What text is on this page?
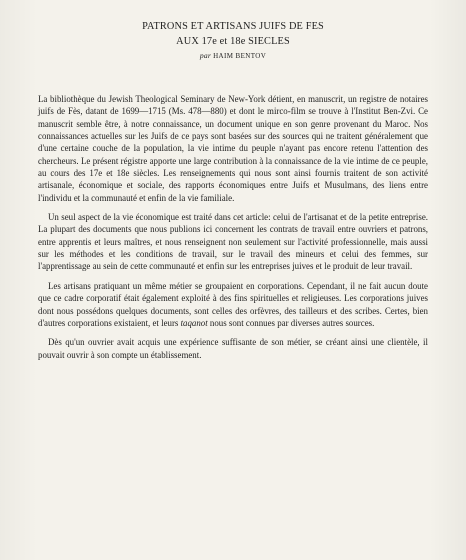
PATRONS ET ARTISANS JUIFS DE FES
AUX 17e et 18e SIECLES
par HAIM BENTOV

La bibliothèque du Jewish Theological Seminary de New-York détient, en manuscrit, un registre de notaires juifs de Fès, datant de 1699—1715 (Ms. 478—880) et dont le mirco-film se trouve à l'Institut Ben-Zvi. Ce manuscrit semble être, à notre connaissance, un document unique en son genre provenant du Maroc. Nos connaissances actuelles sur les Juifs de ce pays sont basées sur des sources qui ne traitent généralement que d'une certaine couche de la population, la vie intime du peuple n'ayant pas encore retenu l'attention des chercheurs. Le présent régistre apporte une large contribution à la connaissance de la vie intime de ce peuple, au cours des 17e et 18e siècles. Les renseignements qui nous sont ainsi fournis traitent de son activité artisanale, économique et sociale, des rapports économiques entre Juifs et Musulmans, des liens entre l'individu et la communauté et enfin de la vie familiale.

Un seul aspect de la vie économique est traité dans cet article: celui de l'artisanat et de la petite entreprise. La plupart des documents que nous publions ici concernent les contrats de travail entre ouvriers et patrons, entre apprentis et leurs maîtres, et nous renseignent non seulement sur l'activité professionnelle, mais aussi sur les méthodes et les conditions de travail, sur le travail des mineurs et celui des femmes, sur l'apprentissage au sein de cette communauté et enfin sur les entreprises juives et le produit de leur travail.

Les artisans pratiquant un même métier se groupaient en corporations. Cependant, il ne fait aucun doute que ce cadre corporatif était également exploité à des fins spirituelles et religieuses. Les corporations juives dont nous possédons quelques documents, sont celles des orfèvres, des tailleurs et des scribes. Certes, bien d'autres corporations existaient, et leurs taqanot nous sont connues par diverses autres sources.

Dès qu'un ouvrier avait acquis une expérience suffisante de son métier, se créant ainsi une clientèle, il pouvait ouvrir à son compte un établissement.
